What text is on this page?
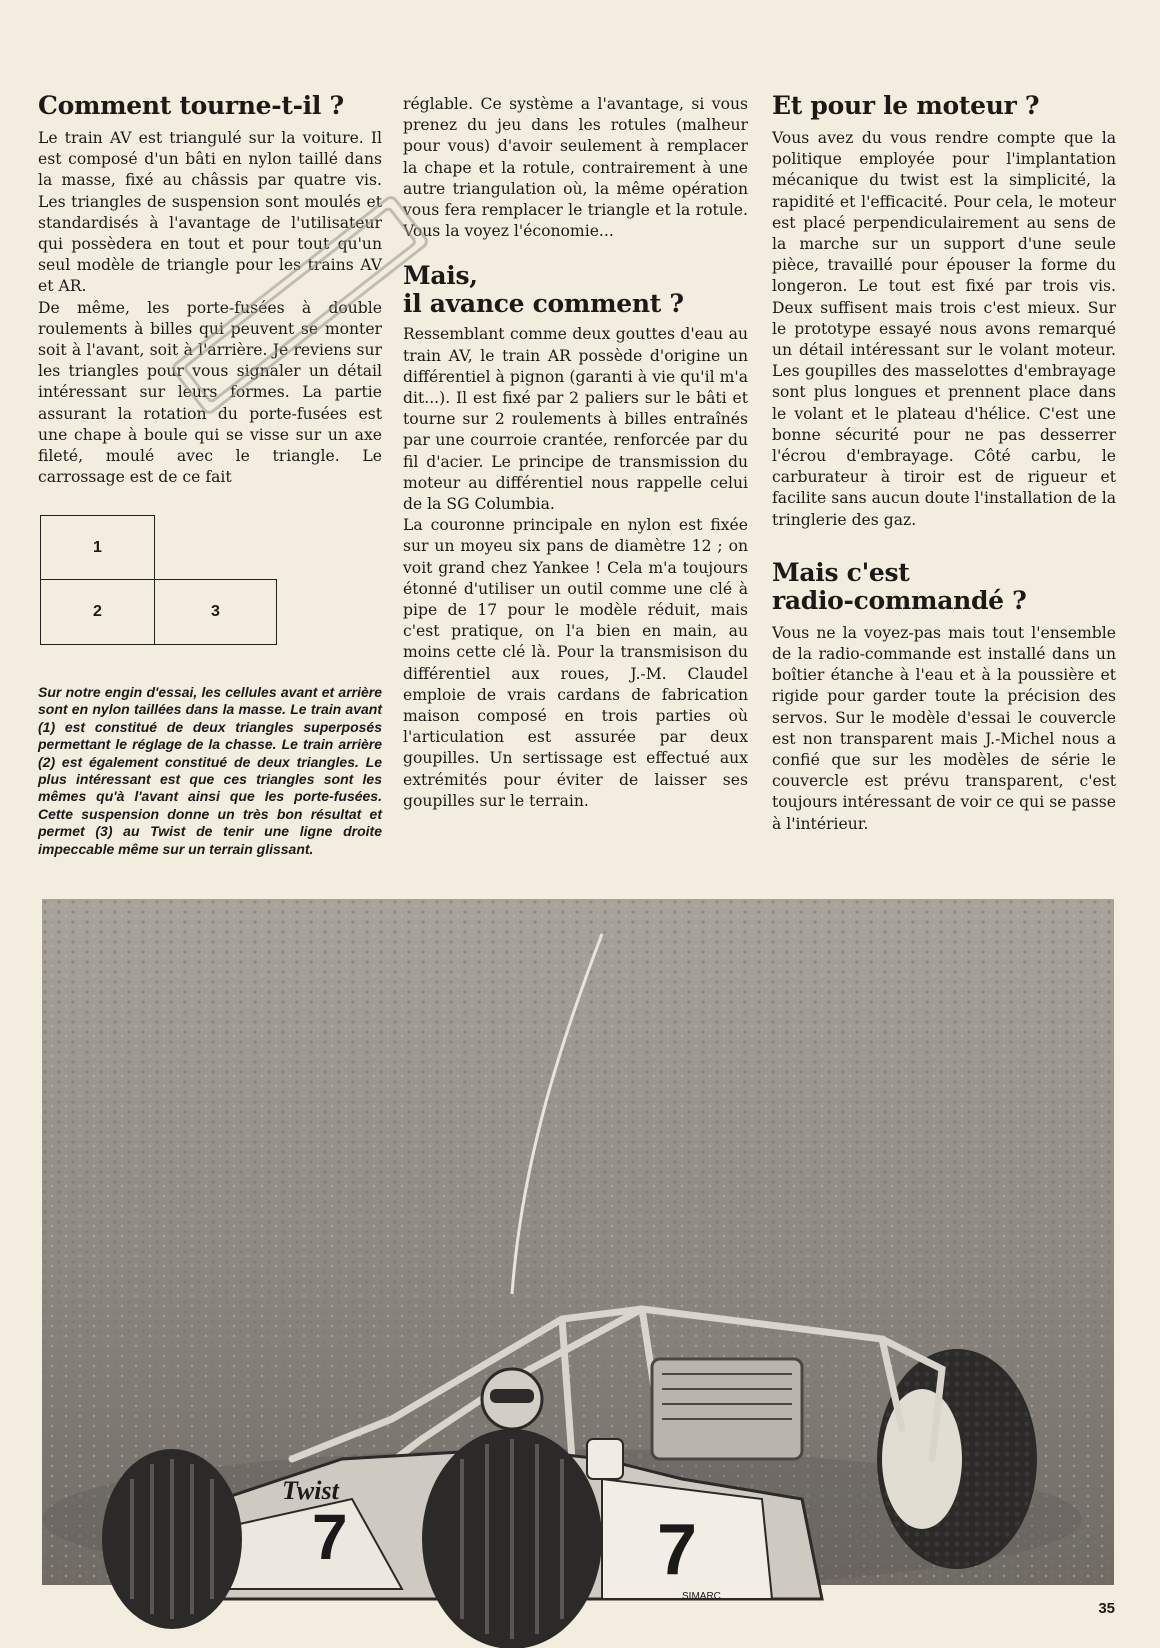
Comment tourne-t-il ?

Le train AV est triangulé sur la voiture. Il est composé d'un bâti en nylon taillé dans la masse, fixé au châssis par quatre vis. Les triangles de suspension sont moulés et standardisés à l'avantage de l'utilisateur qui possèdera en tout et pour tout qu'un seul modèle de triangle pour les trains AV et AR.

De même, les porte-fusées à double roulements à billes qui peuvent se monter soit à l'avant, soit à l'arrière. Je reviens sur les triangles pour vous signaler un détail intéressant sur leurs formes. La partie assurant la rotation du porte-fusées est une chape à boule qui se visse sur un axe fileté, moulé avec le triangle. Le carrossage est de ce fait

1
2	3
Sur notre engin d'essai, les cellules avant et arrière sont en nylon taillées dans la masse. Le train avant (1) est constitué de deux triangles superposés permettant le réglage de la chasse. Le train arrière (2) est également constitué de deux triangles. Le plus intéressant est que ces triangles sont les mêmes qu'à l'avant ainsi que les porte-fusées. Cette suspension donne un très bon résultat et permet (3) au Twist de tenir une ligne droite impeccable même sur un terrain glissant.

réglable. Ce système a l'avantage, si vous prenez du jeu dans les rotules (malheur pour vous) d'avoir seulement à remplacer la chape et la rotule, contrairement à une autre triangulation où, la même opération vous fera remplacer le triangle et la rotule. Vous la voyez l'économie...

Mais,
il avance comment ?

Ressemblant comme deux gouttes d'eau au train AV, le train AR possède d'origine un différentiel à pignon (garanti à vie qu'il m'a dit...). Il est fixé par 2 paliers sur le bâti et tourne sur 2 roulements à billes entraînés par une courroie crantée, renforcée par du fil d'acier. Le principe de transmission du moteur au différentiel nous rappelle celui de la SG Columbia.

La couronne principale en nylon est fixée sur un moyeu six pans de diamètre 12 ; on voit grand chez Yankee ! Cela m'a toujours étonné d'utiliser un outil comme une clé à pipe de 17 pour le modèle réduit, mais c'est pratique, on l'a bien en main, au moins cette clé là. Pour la transmisison du différentiel aux roues, J.-M. Claudel emploie de vrais cardans de fabrication maison composé en trois parties où l'articulation est assurée par deux goupilles. Un sertissage est effectué aux extrémités pour éviter de laisser ses goupilles sur le terrain.

Et pour le moteur ?

Vous avez du vous rendre compte que la politique employée pour l'implantation mécanique du twist est la simplicité, la rapidité et l'efficacité. Pour cela, le moteur est placé perpendiculairement au sens de la marche sur un support d'une seule pièce, travaillé pour épouser la forme du longeron. Le tout est fixé par trois vis. Deux suffisent mais trois c'est mieux. Sur le prototype essayé nous avons remarqué un détail intéressant sur le volant moteur. Les goupilles des masselottes d'embrayage sont plus longues et prennent place dans le volant et le plateau d'hélice. C'est une bonne sécurité pour ne pas desserrer l'écrou d'embrayage. Côté carbu, le carburateur à tiroir est de rigueur et facilite sans aucun doute l'installation de la tringlerie des gaz.

Mais c'est
radio-commandé ?

Vous ne la voyez-pas mais tout l'ensemble de la radio-commande est installé dans un boîtier étanche à l'eau et à la poussière et rigide pour garder toute la précision des servos. Sur le modèle d'essai le couvercle est non transparent mais J.-Michel nous a confié que sur les modèles de série le couvercle est prévu transparent, c'est toujours intéressant de voir ce qui se passe à l'intérieur.

7
Twist
7
SIMARC
35
